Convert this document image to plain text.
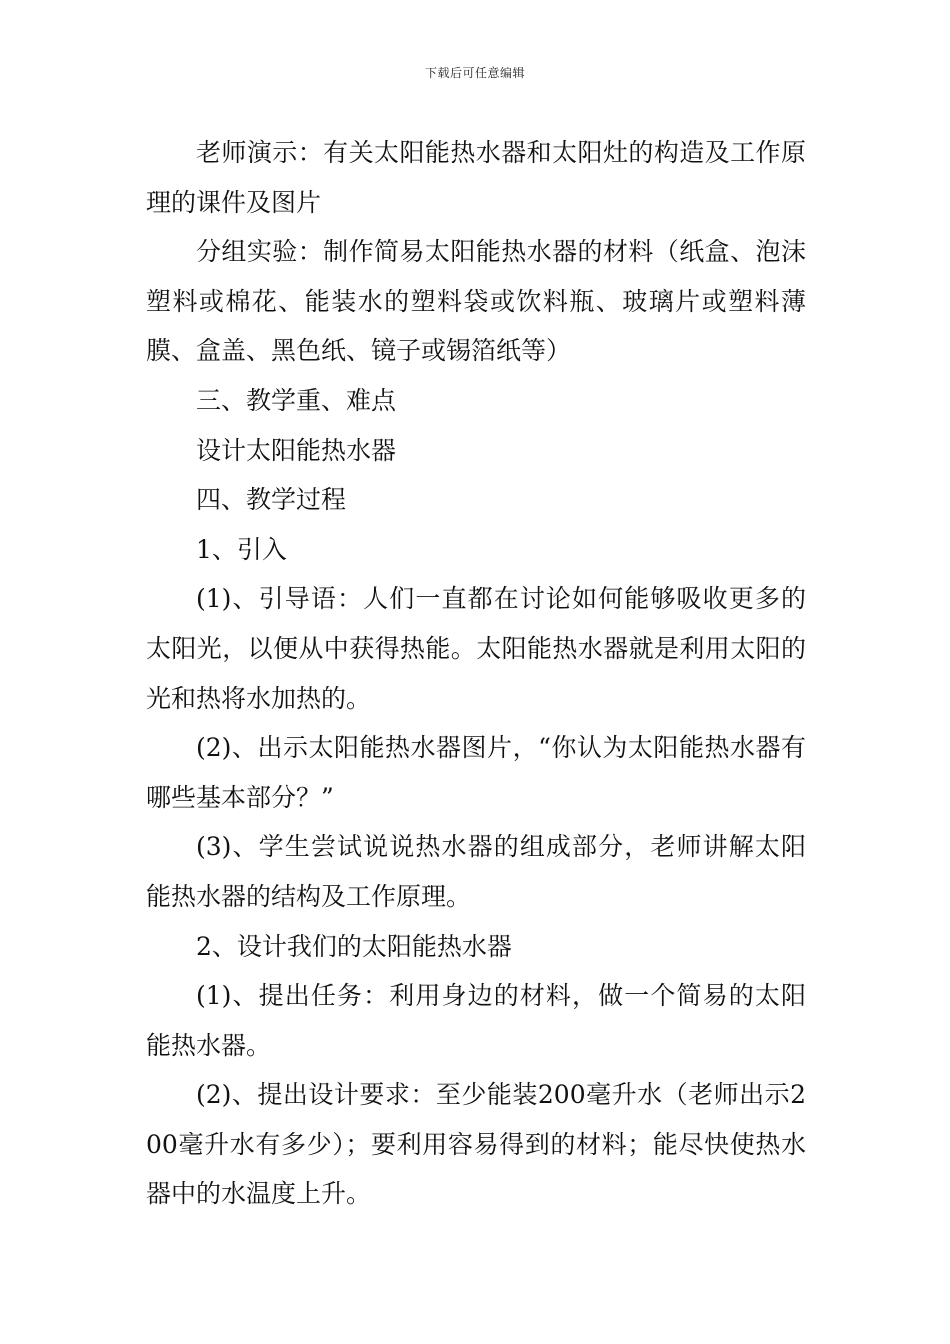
下载后可任意编辑

老师演示：有关太阳能热水器和太阳灶的构造及工作原理的课件及图片

分组实验：制作简易太阳能热水器的材料（纸盒、泡沫塑料或棉花、能装水的塑料袋或饮料瓶、玻璃片或塑料薄膜、盒盖、黑色纸、镜子或锡箔纸等）

三、教学重、难点

设计太阳能热水器

四、教学过程

1、引入

(1)、引导语：人们一直都在讨论如何能够吸收更多的太阳光，以便从中获得热能。太阳能热水器就是利用太阳的光和热将水加热的。

(2)、出示太阳能热水器图片，“你认为太阳能热水器有哪些基本部分？”

(3)、学生尝试说说热水器的组成部分，老师讲解太阳能热水器的结构及工作原理。

2、设计我们的太阳能热水器

(1)、提出任务：利用身边的材料，做一个简易的太阳能热水器。

(2)、提出设计要求：至少能装200毫升水（老师出示200毫升水有多少）；要利用容易得到的材料；能尽快使热水器中的水温度上升。
